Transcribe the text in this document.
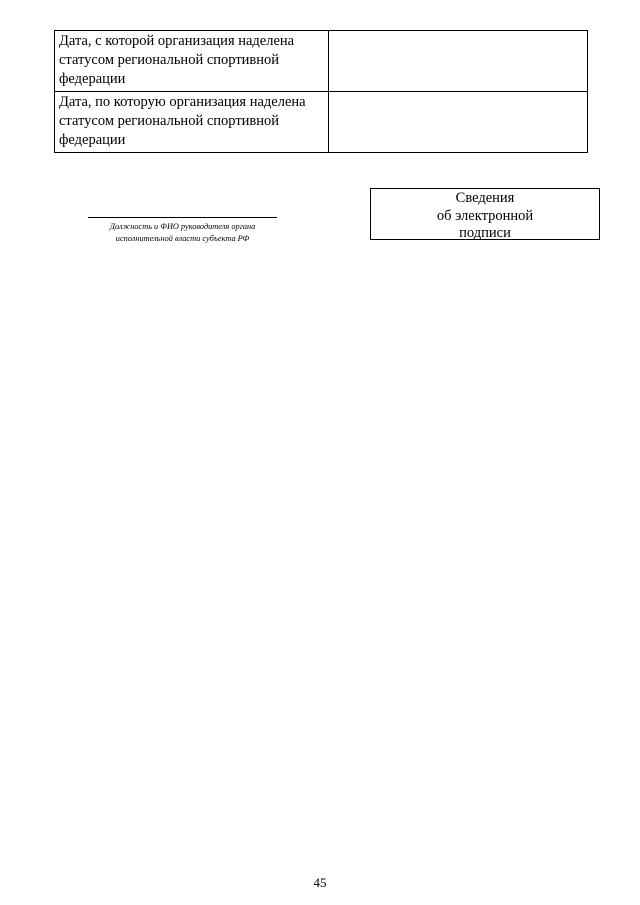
Дата, с которой организация наделена статусом региональной спортивной федерации	
Дата, по которую организация наделена статусом региональной спортивной федерации	
Должность и ФИО руководителя органа
исполнительной власти субъекта РФ
Сведения
об электронной
подписи
45
